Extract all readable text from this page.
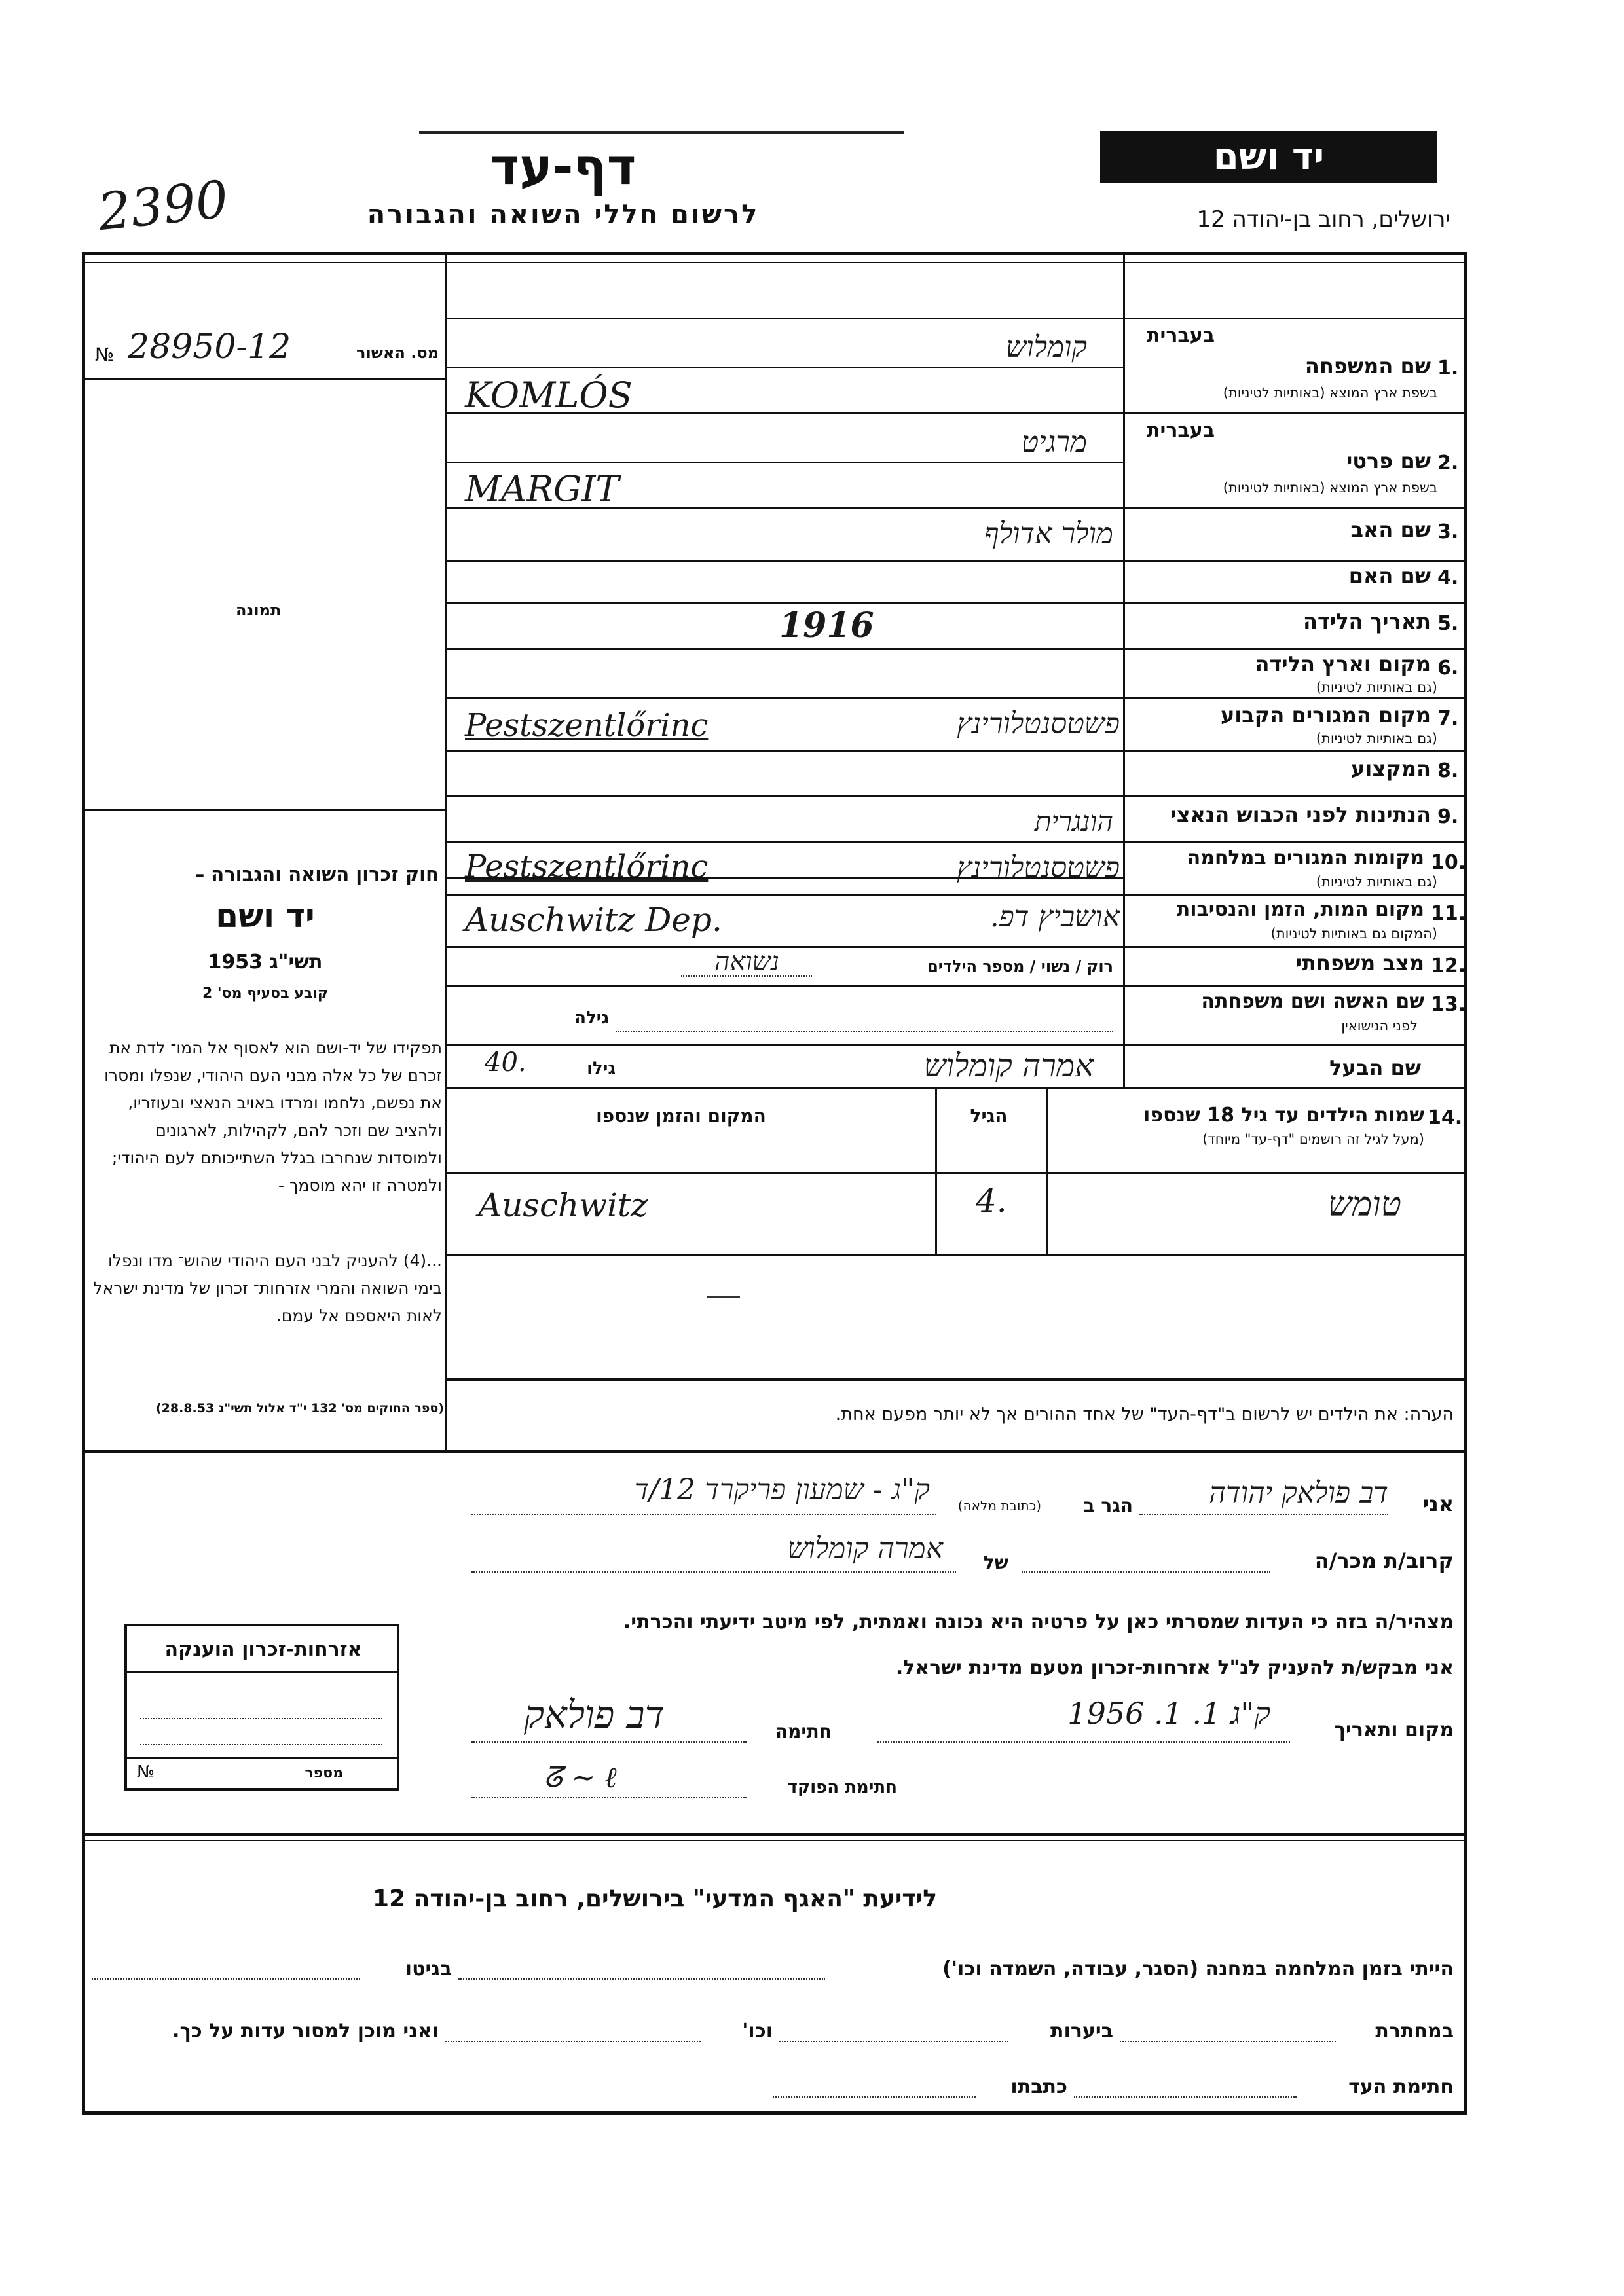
2390
דף-עד
לרשום חללי השואה והגבורה
יד ושם
ירושלים, רחוב בן-יהודה 12
מס. האשור
28950-12
№
תמונה
חוק זכרון השואה והגבורה –
יד ושם
תשי"ג 1953
קובע בסעיף מס' 2
תפקידו של יד-ושם הוא לאסוף אל המו־ לדת את זכרם של כל אלה מבני העם היהודי, שנפלו ומסרו את נפשם, נלחמו ומרדו באויב הנאצי ובעוזריו, ולהציב שם וזכר להם, לקהילות, לארגונים ולמוסדות שנחרבו בגלל השתייכותם לעם היהודי; ולמטרה זו יהא מוסמך -
...(4) להעניק לבני העם היהודי שהוש־ מדו ונפלו בימי השואה והמרי אזרחות־ זכרון של מדינת ישראל לאות היאספם אל עמם.
(ספר החוקים מס' 132 י"ד אלול תשי"ג 28.8.53)
בעברית
1.
שם המשפחה
בשפת ארץ המוצא (באותיות לטיניות)
קומלוש
KOMLÓS
בעברית
2.
שם פרטי
בשפת ארץ המוצא (באותיות לטיניות)
מרגיט
MARGIT
3.
שם האב
מולר אדולף
4.
שם האם
5.
תאריך הלידה
1916
6.
מקום וארץ הלידה
(גם באותיות לטיניות)
7.
מקום המגורים הקבוע
(גם באותיות לטיניות)
פשטסנטלורינץ
Pestszentlőrinc
8.
המקצוע
9.
הנתינות לפני הכבוש הנאצי
הונגרית
10.
מקומות המגורים במלחמה
(גם באותיות לטיניות)
פשטסנטלורינץ
Pestszentlőrinc
11.
מקום המות, הזמן והנסיבות
(המקום גם באותיות לטיניות)
אושביץ דפ.
Auschwitz Dep.
12.
מצב משפחתי
רוק / נשוי / מספר הילדים
נשואה
13.
שם האשה ושם משפחתה
לפני הנישואין
גילה
שם הבעל
גילו
40.	אמרה קומלוש
14.
שמות הילדים עד גיל 18 שנספו
(מעל לגיל זה רושמים "דף-עד" מיוחד)
הגיל
המקום והזמן שנספו
טומש
4.
Auschwitz
הערה: את הילדים יש לרשום ב"דף-העד" של אחד ההורים אך לא יותר מפעם אחת.
אני
דב פולאק יהודה
הגר ב
(כתובת מלאה)
ק"ג - שמעון פריקרד 12/ד
קרוב/ת מכר/ה
של
אמרה קומלוש
מצהיר/ה בזה כי העדות שמסרתי כאן על פרטיה היא נכונה ואמתית, לפי מיטב ידיעתי והכרתי.
אני מבקש/ת להעניק לנ"ל אזרחות-זכרון מטעם מדינת ישראל.
מקום ותאריך
ק"ג 1. 1. 1956
חתימה
דב פולאק
חתימת הפוקד
ᘔ ~ ℓ
אזרחות-זכרון הוענקה
מספר
№
לידיעת "האגף המדעי" בירושלים, רחוב בן-יהודה 12
הייתי בזמן המלחמה במחנה (הסגר, עבודה, השמדה וכו')
בגיטו
במחתרת
ביערות
וכו'
ואני מוכן למסור עדות על כך.
חתימת העד
כתבתו
